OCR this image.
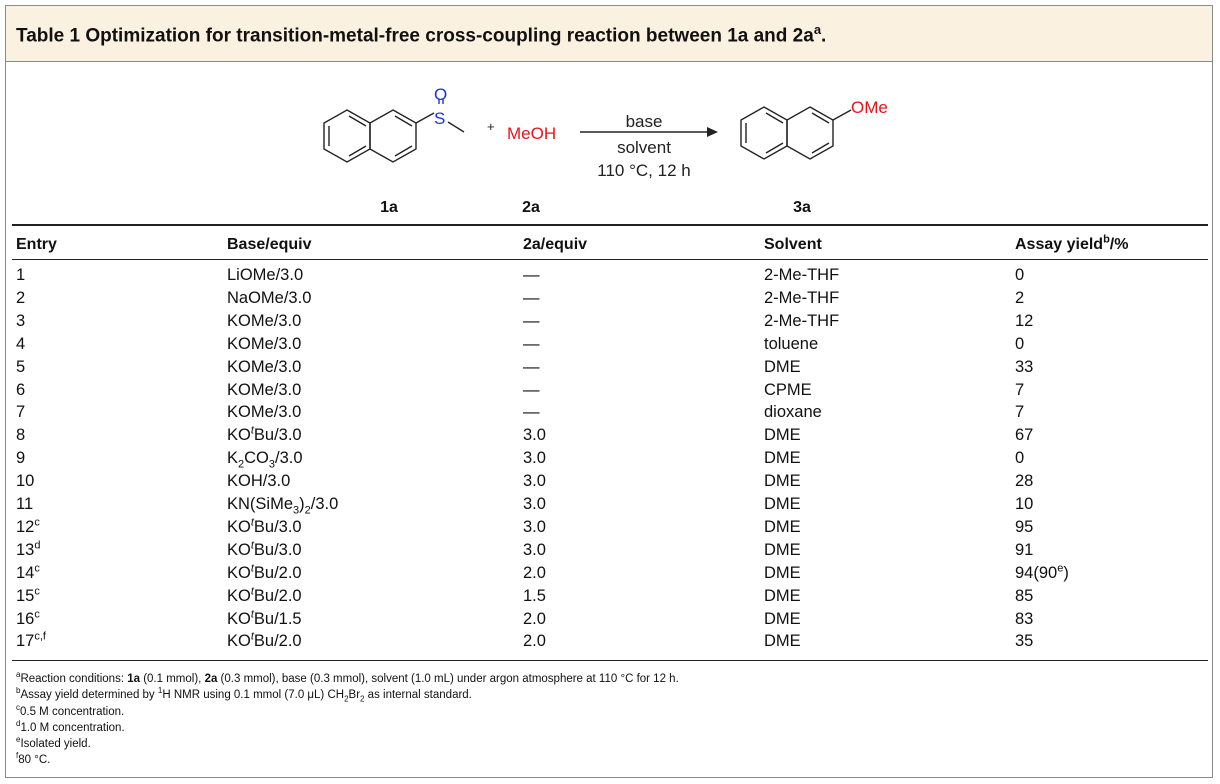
Table 1 Optimization for transition-metal-free cross-coupling reaction between 1a and $2a^a$.
O
S	+ MeOH
base
solvent
110 °C, 12 h
OMe
1a	2a	3a
Entry	Base/equiv	2a/equiv	Solvent	Assay yield$^b$/%
1	LiOMe/3.0	—	2-Me-THF	0
2	NaOMe/3.0	—	2-Me-THF	2
3	KOMe/3.0	—	2-Me-THF	12
4	KOMe/3.0	—	toluene	0
5	KOMe/3.0	—	DME	33
6	KOMe/3.0	—	CPME	7
7	KOMe/3.0	—	dioxane	7
8	$KO^tBu/3.0$	3.0	DME	67
9	$K_2CO_3/3.0$	3.0	DME	0
10	KOH/3.0	3.0	DME	28
11	$KN(SiMe_3)_2/3.0$	3.0	DME	10
12$^c$	$KO^tBu/3.0$	3.0	DME	95
13$^d$	$KO^tBu/3.0$	3.0	DME	91
14$^c$	$KO^tBu/2.0$	2.0	DME	94(90e)
15$^c$	$KO^tBu/2.0$	1.5	DME	85
16$^c$	$KO^tBu/1.5$	2.0	DME	83
17$^{c,f}$	$KO^tBu/2.0$	2.0	DME	35
$^a$Reaction conditions: 1a (0.1 mmol), 2a (0.3 mmol), base (0.3 mmol), solvent (1.0 mL) under argon atmosphere at 110 °C for 12 h.
$^b$Assay yield determined by $^1$H NMR using 0.1 mmol (7.0 μL) $CH_2Br_2$ as internal standard.
$^c$0.5 M concentration.
$^d$1.0 M concentration.
$^e$Isolated yield.
$^f$80 °C.
